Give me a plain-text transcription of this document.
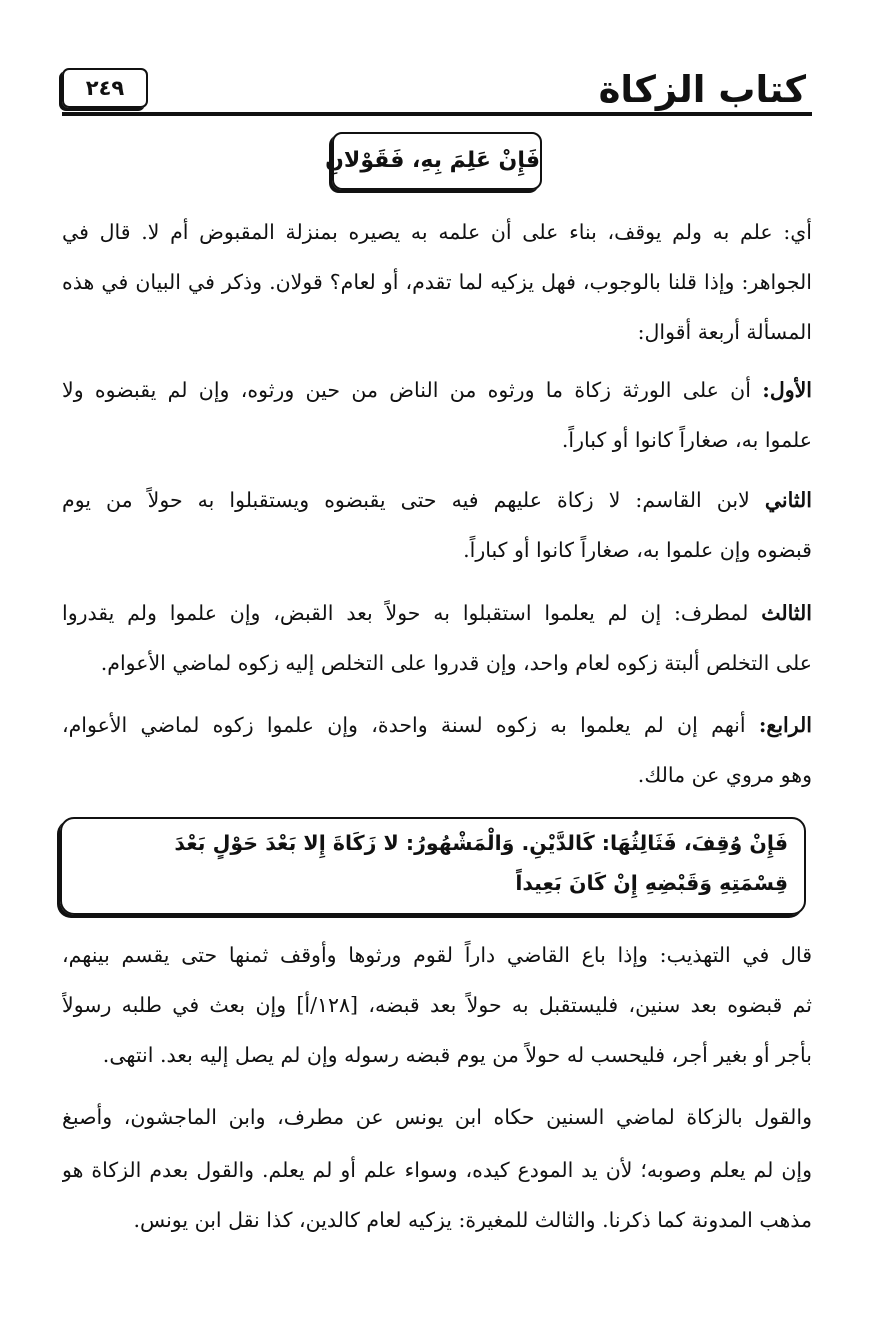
كتاب الزكاة
٢٤٩
فَإِنْ عَلِمَ بِهِ، فَقَوْلانِ
أي: علم به ولم يوقف، بناء على أن علمه به يصيره بمنزلة المقبوض أم لا. قال في
الجواهر: وإذا قلنا بالوجوب، فهل يزكيه لما تقدم، أو لعام؟ قولان. وذكر في البيان في هذه
المسألة أربعة أقوال:
الأول: أن على الورثة زكاة ما ورثوه من الناض من حين ورثوه، وإن لم يقبضوه ولا
علموا به، صغاراً كانوا أو كباراً.
الثاني لابن القاسم: لا زكاة عليهم فيه حتى يقبضوه ويستقبلوا به حولاً من يوم
قبضوه وإن علموا به، صغاراً كانوا أو كباراً.
الثالث لمطرف: إن لم يعلموا استقبلوا به حولاً بعد القبض، وإن علموا ولم يقدروا
على التخلص ألبتة زكوه لعام واحد، وإن قدروا على التخلص إليه زكوه لماضي الأعوام.
الرابع: أنهم إن لم يعلموا به زكوه لسنة واحدة، وإن علموا زكوه لماضي الأعوام،
وهو مروي عن مالك.
فَإِنْ وُقِفَ، فَثَالِثُهَا: كَالدَّيْنِ. وَالْمَشْهُورُ: لا زَكَاةَ إِلا بَعْدَ حَوْلٍ بَعْدَ
قِسْمَتِهِ وَقَبْضِهِ إِنْ كَانَ بَعِيداً
قال في التهذيب: وإذا باع القاضي داراً لقوم ورثوها وأوقف ثمنها حتى يقسم بينهم،
ثم قبضوه بعد سنين، فليستقبل به حولاً بعد قبضه، [١٢٨/أ] وإن بعث في طلبه رسولاً
بأجر أو بغير أجر، فليحسب له حولاً من يوم قبضه رسوله وإن لم يصل إليه بعد. انتهى.
والقول بالزكاة لماضي السنين حكاه ابن يونس عن مطرف، وابن الماجشون، وأصبغ
وإن لم يعلم وصوبه؛ لأن يد المودع كيده، وسواء علم أو لم يعلم. والقول بعدم الزكاة هو
مذهب المدونة كما ذكرنا. والثالث للمغيرة: يزكيه لعام كالدين، كذا نقل ابن يونس.
